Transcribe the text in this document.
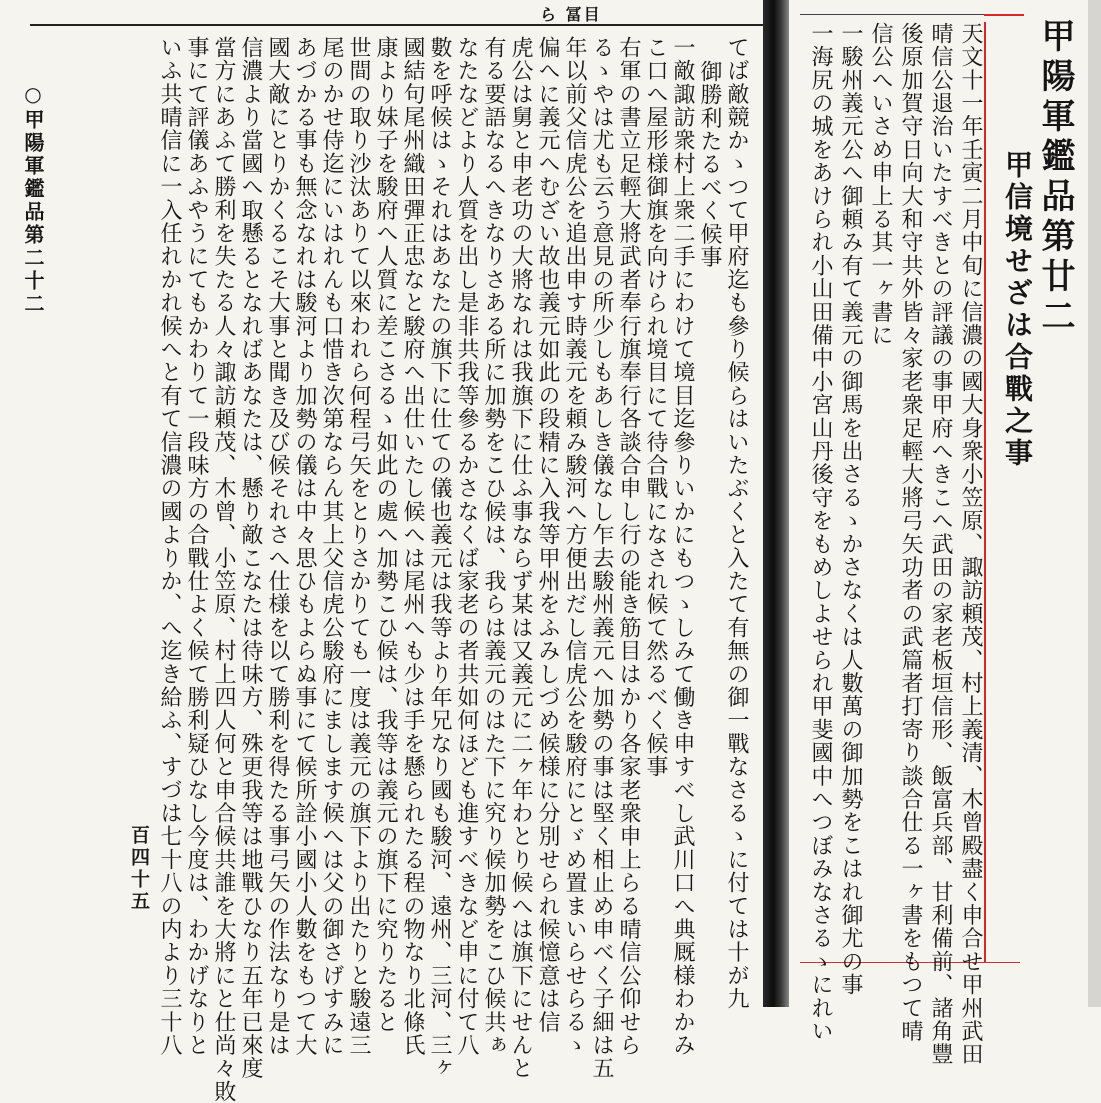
ら 冨目
甲陽軍鑑品第廿二
甲信境せざは合戰之事
天文十一年壬寅二月中旬に信濃の國大身衆小笠原、諏訪頼茂、村上義清、木曾殿盡く申合せ甲州武田
晴信公退治いたすべきとの評議の事甲府へきこへ武田の家老板垣信形、飯富兵部、甘利備前、諸角豐
後原加賀守日向大和守共外皆々家老衆足輕大將弓矢功者の武篇者打寄り談合仕る一ヶ書をもつて晴
信公へいさめ申上る其一ヶ書に
一駿州義元公へ御頼み有て義元の御馬を出さるゝかさなくは人數萬の御加勢をこはれ御尤の事
一海尻の城をあけられ小山田備中小宮山丹後守をもめしよせられ甲斐國中へつぼみなさるゝにれい
てば敵競かゝつて甲府迄も參り候らはいたぶくと入たて有無の御一戰なさるゝに付ては十が九
御勝利たるべく候事
一敵諏訪衆村上衆二手にわけて境目迄參りいかにもつゝしみて働き申すべし武川口へ典厩様わかみ
こ口へ屋形様御旗を向けられ境目にて待合戰になされ候て然るべく候事
右軍の書立足輕大將武者奉行旗奉行各談合申し行の能き筋目はかり各家老衆申上らる晴信公仰せら
るゝやは尤も云う意見の所少しもあしき儀なし乍去駿州義元へ加勢の事は堅く相止め申べく子細は五
年以前父信虎公を追出申す時義元を頼み駿河へ方便出だし信虎公を駿府にとゞめ置まいらせらるゝ
偏へに義元へむざい故也義元如此の段精に入我等甲州をふみしづめ候様に分別せられ候憶意は信
虎公は舅と申老功の大將なれは我旗下に仕ふ事ならず某は又義元に二ヶ年わとり候へは旗下にせんと
有る要語なるへきなりさある所に加勢をこひ候は、我らは義元のはた下に究り候加勢をこひ候共ぁ
なたなどより人質を出し是非共我等參るかさなくば家老の者共如何ほども進すべきなど申に付て八
數を呼候はゝそれはあなたの旗下に仕ての儀也義元は我等より年兄なり國も駿河、遠州、三河、三ヶ
國結句尾州織田彈正忠なと駿府へ出仕いたし候へは尾州へも少は手を懸られたる程の物なり北條氏
康より妹子を駿府へ人質に差こさるゝ如此の處へ加勢こひ候は、我等は義元の旗下に究りたると
世間の取り沙汰ありて以來われら何程弓矢をとりさかりても一度は義元の旗下より出たりと駿遠三
尾のかせ侍迄にいはれんも口惜き次第ならん其上父信虎公駿府にまします候へは父の御さげすみに
あづかる事も無念なれは駿河より加勢の儀は中々思ひもよらぬ事にて候所詮小國小人數をもつて大
國大敵にとりかくるこそ大事と聞き及び候それさへ仕様を以て勝利を得たる事弓矢の作法なり是は
信濃より當國へ取懸るとなればあなたは、懸り敵こなたは待味方、殊更我等は地戰ひなり五年已來度
當方にあふて勝利を失たる人々諏訪頼茂、木曾、小笠原、村上四人何と申合候共誰を大將にと仕尚々敗
事にて評儀あふやうにてもかわりて一段味方の合戰仕よく候て勝利疑ひなし今度は、わかげなりと
いふ共晴信に一入任れかれ候へと有て信濃の國よりか、へ迄き給ふ、すづは七十八の内より三十八
百四十五
○甲陽軍鑑品第二十二
